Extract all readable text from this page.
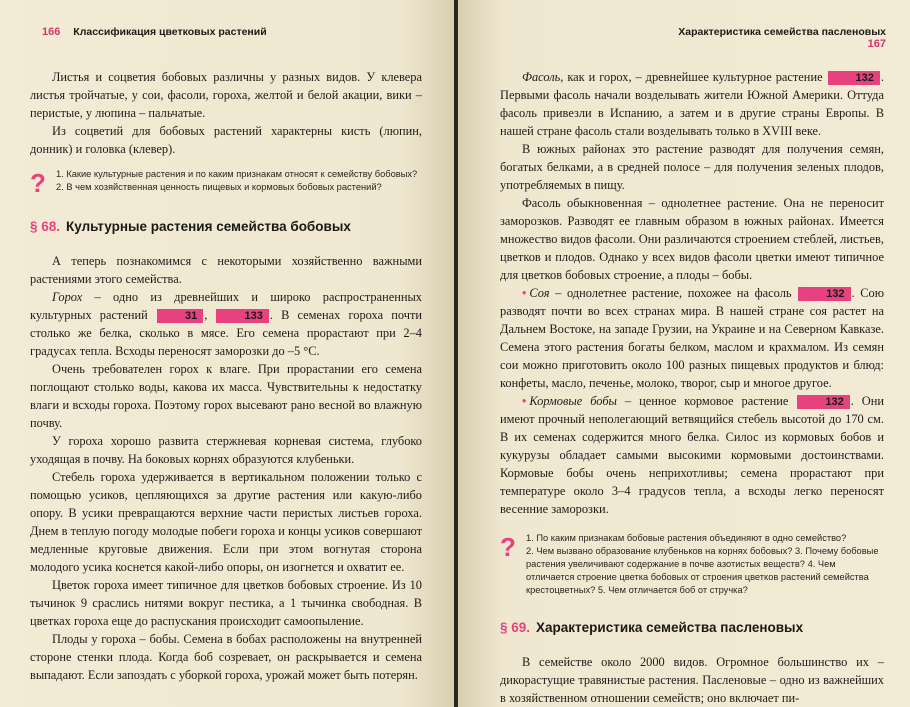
166 Классификация цветковых растений

Листья и соцветия бобовых различны у разных видов. У клевера листья тройчатые, у сои, фасоли, гороха, желтой и белой акации, вики – перистые, у люпина – пальчатые.

Из соцветий для бобовых растений характерны кисть (люпин, донник) и головка (клевер).

?	1. Какие культурные растения и по каким признакам относят к семейству бобовых? 2. В чем хозяйственная ценность пищевых и кормовых бобовых растений?
§ 68. Культурные растения семейства бобовых

А теперь познакомимся с некоторыми хозяйственно важными растениями этого семейства.

Горох – одно из древнейших и широко распространенных культурных растений	31 ,	133 . В семенах гороха почти столько же белка, сколько в мясе. Его семена прорастают при 2–4 градусах тепла. Всходы переносят заморозки до –5 °С.

Очень требователен горох к влаге. При прорастании его семена поглощают столько воды, какова их масса. Чувствительны к недостатку влаги и всходы гороха. Поэтому горох высевают рано весной во влажную почву.

У гороха хорошо развита стержневая корневая система, глубоко уходящая в почву. На боковых корнях образуются клубеньки.

Стебель гороха удерживается в вертикальном положении только с помощью усиков, цепляющихся за другие растения или какую-либо опору. В усики превращаются верхние части перистых листьев гороха. Днем в теплую погоду молодые побеги гороха и концы усиков совершают медленные круговые движения. Если при этом вогнутая сторона молодого усика коснется какой-либо опоры, он изогнется и охватит ее.

Цветок гороха имеет типичное для цветков бобовых строение. Из 10 тычинок 9 сраслись нитями вокруг пестика, а 1 тычинка свободная. В цветках гороха еще до распускания происходит самоопыление.

Плоды у гороха – бобы. Семена в бобах расположены на внутренней стороне стенки плода. Когда боб созревает, он раскрывается и семена выпадают. Если запоздать с уборкой гороха, урожай может быть потерян.

Характеристика семейства пасленовых 167

Фасоль, как и горох, – древнейшее культурное растение	132 . Первыми фасоль начали возделывать жители Южной Америки. Оттуда фасоль привезли в Испанию, а затем и в другие страны Европы. В нашей стране фасоль стали возделывать только в XVIII веке.

В южных районах это растение разводят для получения семян, богатых белками, а в средней полосе – для получения зеленых плодов, употребляемых в пищу.

Фасоль обыкновенная – однолетнее растение. Она не переносит заморозков. Разводят ее главным образом в южных районах. Имеется множество видов фасоли. Они различаются строением стеблей, листьев, цветков и плодов. Однако у всех видов фасоли цветки имеют типичное для цветков бобовых строение, а плоды – бобы.

• Соя – однолетнее растение, похожее на фасоль	132 . Сою разводят почти во всех странах мира. В нашей стране соя растет на Дальнем Востоке, на западе Грузии, на Украине и на Северном Кавказе. Семена этого растения богаты белком, маслом и крахмалом. Из семян сои можно приготовить около 100 разных пищевых продуктов и блюд: конфеты, масло, печенье, молоко, творог, сыр и многое другое.

• Кормовые бобы – ценное кормовое растение	132 . Они имеют прочный неполегающий ветвящийся стебель высотой до 170 см. В их семенах содержится много белка. Силос из кормовых бобов и кукурузы обладает самыми высокими кормовыми достоинствами. Кормовые бобы очень неприхотливы; семена прорастают при температуре около 3–4 градусов тепла, а всходы легко переносят весенние заморозки.

?	1. По каким признакам бобовые растения объединяют в одно семейство?
2. Чем вызвано образование клубеньков на корнях бобовых? 3. Почему бобовые растения увеличивают содержание в почве азотистых веществ? 4. Чем отличается строение цветка бобовых от строения цветков растений семейства крестоцветных? 5. Чем отличается боб от стручка?
§ 69. Характеристика семейства пасленовых

В семействе около 2000 видов. Огромное большинство их – дикорастущие травянистые растения. Пасленовые – одно из важнейших в хозяйственном отношении семейств; оно включает пи-
